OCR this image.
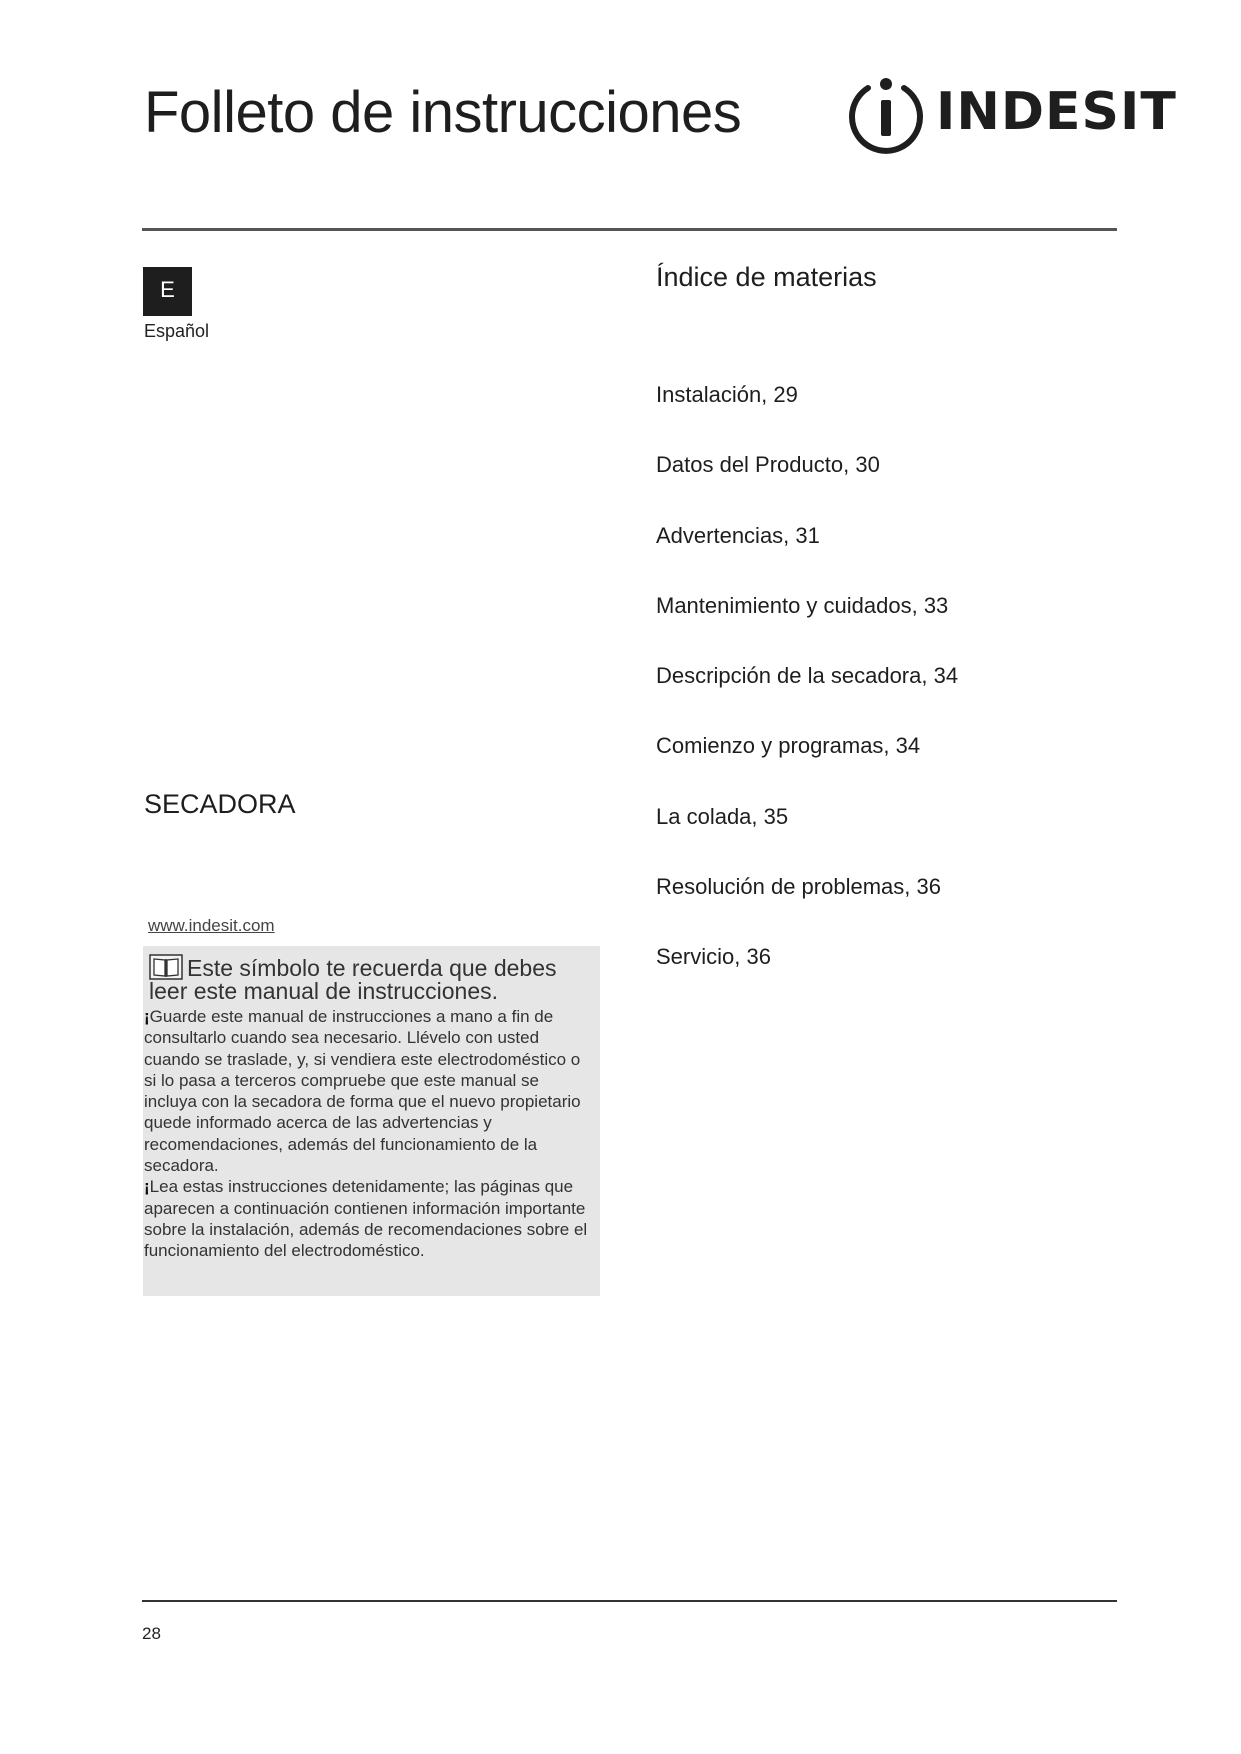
Folleto de instrucciones	INDESIT
E
Español
SECADORA
www.indesit.com
Este símbolo te recuerda que debes leer este manual de instrucciones.

¡Guarde este manual de instrucciones a mano a fin de consultarlo cuando sea necesario. Llévelo con usted cuando se traslade, y, si vendiera este electrodoméstico o si lo pasa a terceros compruebe que este manual se incluya con la secadora de forma que el nuevo propietario quede informado acerca de las advertencias y recomendaciones, además del funcionamiento de la secadora.

¡Lea estas instrucciones detenidamente; las páginas que aparecen a continuación contienen información importante sobre la instalación, además de recomendaciones sobre el funcionamiento del electrodoméstico.

Índice de materias
Instalación, 29
Datos del Producto, 30
Advertencias, 31
Mantenimiento y cuidados, 33
Descripción de la secadora, 34
Comienzo y programas, 34
La colada, 35
Resolución de problemas, 36
Servicio, 36
28
